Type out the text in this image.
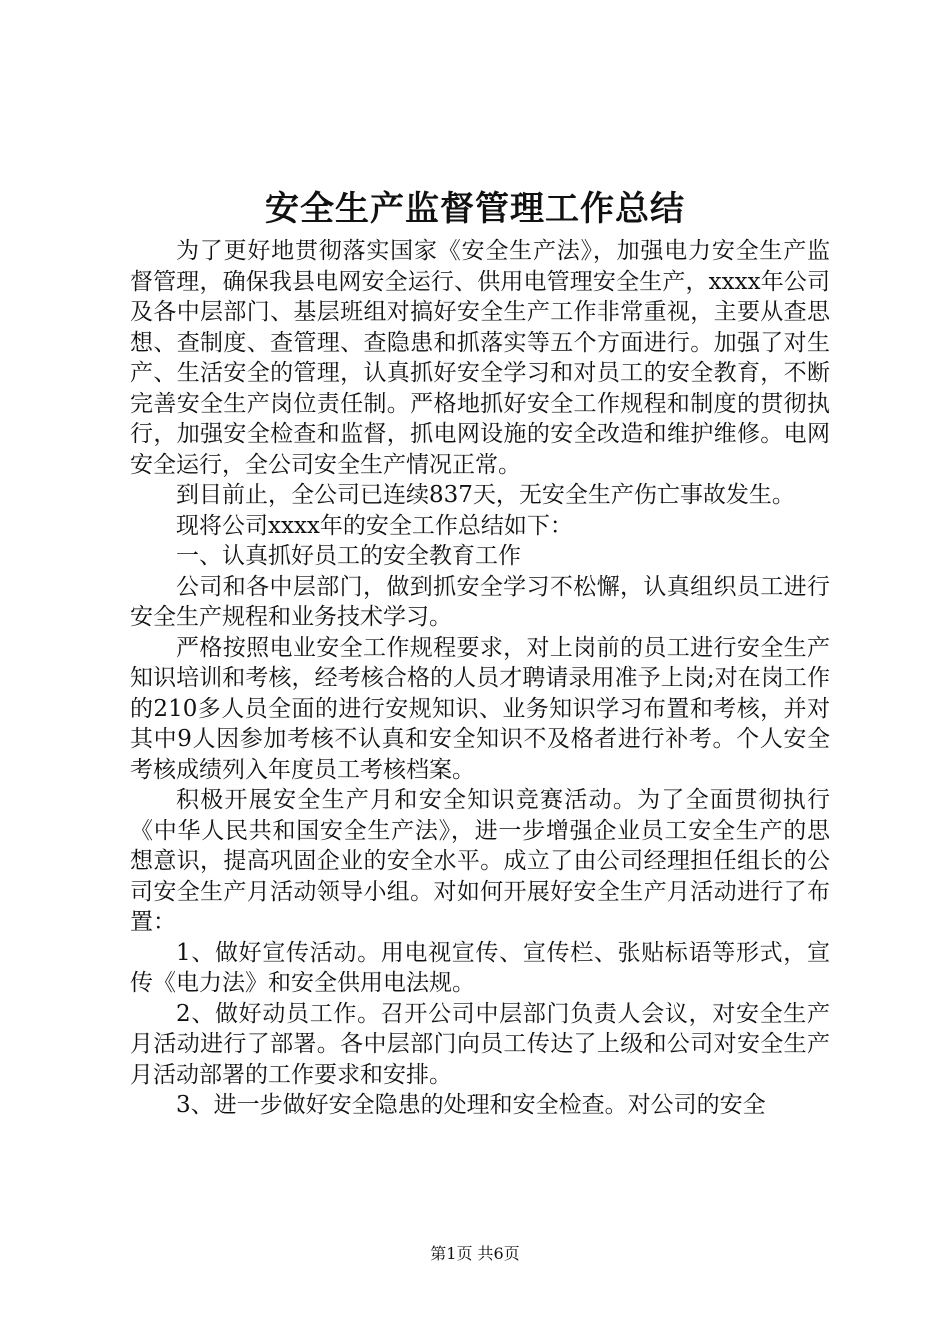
安全生产监督管理工作总结

为了更好地贯彻落实国家《安全生产法》，加强电力安全生产监督管理，确保我县电网安全运行、供用电管理安全生产，xxxx年公司及各中层部门、基层班组对搞好安全生产工作非常重视，主要从查思想、查制度、查管理、查隐患和抓落实等五个方面进行。加强了对生产、生活安全的管理，认真抓好安全学习和对员工的安全教育，不断完善安全生产岗位责任制。严格地抓好安全工作规程和制度的贯彻执行，加强安全检查和监督，抓电网设施的安全改造和维护维修。电网安全运行，全公司安全生产情况正常。

到目前止，全公司已连续837天，无安全生产伤亡事故发生。

现将公司xxxx年的安全工作总结如下：

一、认真抓好员工的安全教育工作

公司和各中层部门，做到抓安全学习不松懈，认真组织员工进行安全生产规程和业务技术学习。

严格按照电业安全工作规程要求，对上岗前的员工进行安全生产知识培训和考核，经考核合格的人员才聘请录用准予上岗;对在岗工作的210多人员全面的进行安规知识、业务知识学习布置和考核，并对其中9人因参加考核不认真和安全知识不及格者进行补考。个人安全考核成绩列入年度员工考核档案。

积极开展安全生产月和安全知识竞赛活动。为了全面贯彻执行《中华人民共和国安全生产法》，进一步增强企业员工安全生产的思想意识，提高巩固企业的安全水平。成立了由公司经理担任组长的公司安全生产月活动领导小组。对如何开展好安全生产月活动进行了布置：

1、做好宣传活动。用电视宣传、宣传栏、张贴标语等形式，宣传《电力法》和安全供用电法规。

2、做好动员工作。召开公司中层部门负责人会议，对安全生产月活动进行了部署。各中层部门向员工传达了上级和公司对安全生产月活动部署的工作要求和安排。

3、进一步做好安全隐患的处理和安全检查。对公司的安全

第1页 共6页
